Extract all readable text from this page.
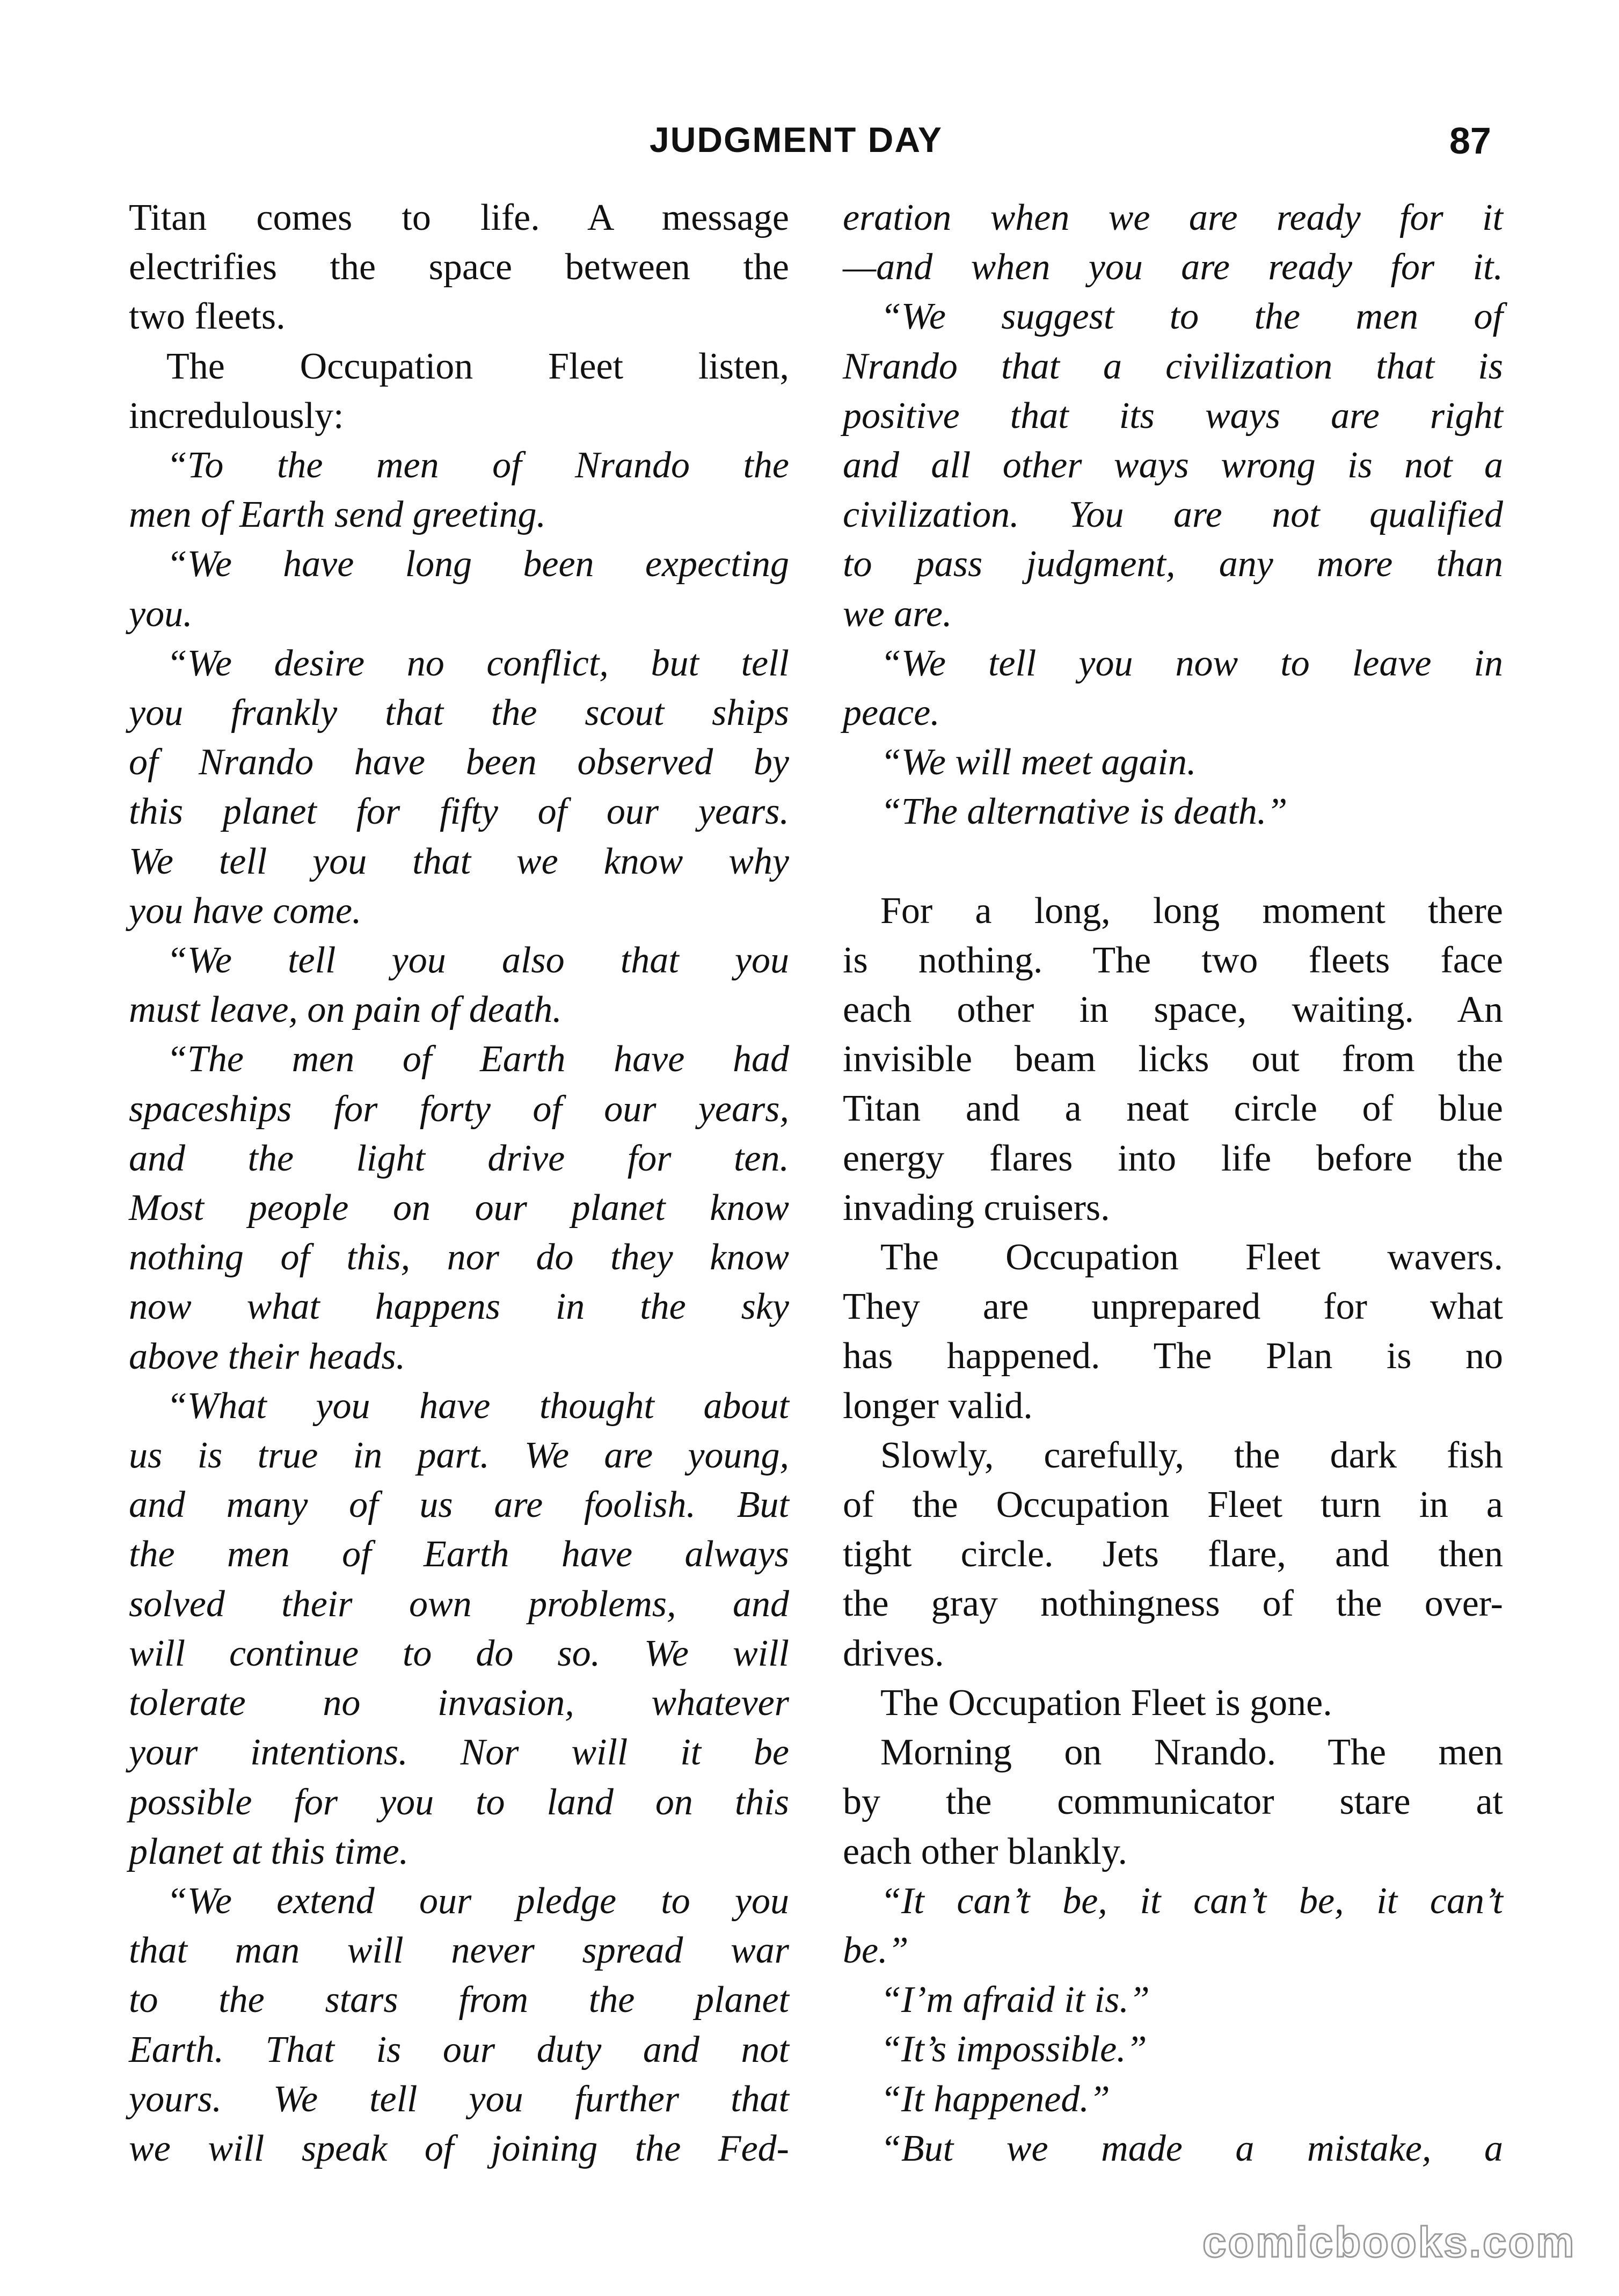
JUDGMENT DAY	87
Titan comes to life. A message
electrifies the space between the
two fleets.
The Occupation Fleet listen,
incredulously:
“To the men of Nrando the
men of Earth send greeting.
“We have long been expecting
you.
“We desire no conflict, but tell
you frankly that the scout ships
of Nrando have been observed by
this planet for fifty of our years.
We tell you that we know why
you have come.
“We tell you also that you
must leave, on pain of death.
“The men of Earth have had
spaceships for forty of our years,
and the light drive for ten.
Most people on our planet know
nothing of this, nor do they know
now what happens in the sky
above their heads.
“What you have thought about
us is true in part. We are young,
and many of us are foolish. But
the men of Earth have always
solved their own problems, and
will continue to do so. We will
tolerate no invasion, whatever
your intentions. Nor will it be
possible for you to land on this
planet at this time.
“We extend our pledge to you
that man will never spread war
to the stars from the planet
Earth. That is our duty and not
yours. We tell you further that
we will speak of joining the Fed-
eration when we are ready for it
—and when you are ready for it.
“We suggest to the men of
Nrando that a civilization that is
positive that its ways are right
and all other ways wrong is not a
civilization. You are not qualified
to pass judgment, any more than
we are.
“We tell you now to leave in
peace.
“We will meet again.
“The alternative is death.”
For a long, long moment there
is nothing. The two fleets face
each other in space, waiting. An
invisible beam licks out from the
Titan and a neat circle of blue
energy flares into life before the
invading cruisers.
The Occupation Fleet wavers.
They are unprepared for what
has happened. The Plan is no
longer valid.
Slowly, carefully, the dark fish
of the Occupation Fleet turn in a
tight circle. Jets flare, and then
the gray nothingness of the over-
drives.
The Occupation Fleet is gone.
Morning on Nrando. The men
by the communicator stare at
each other blankly.
“It can’t be, it can’t be, it can’t
be.”
“I’m afraid it is.”
“It’s impossible.”
“It happened.”
“But we made a mistake, a
comicbooks.com
